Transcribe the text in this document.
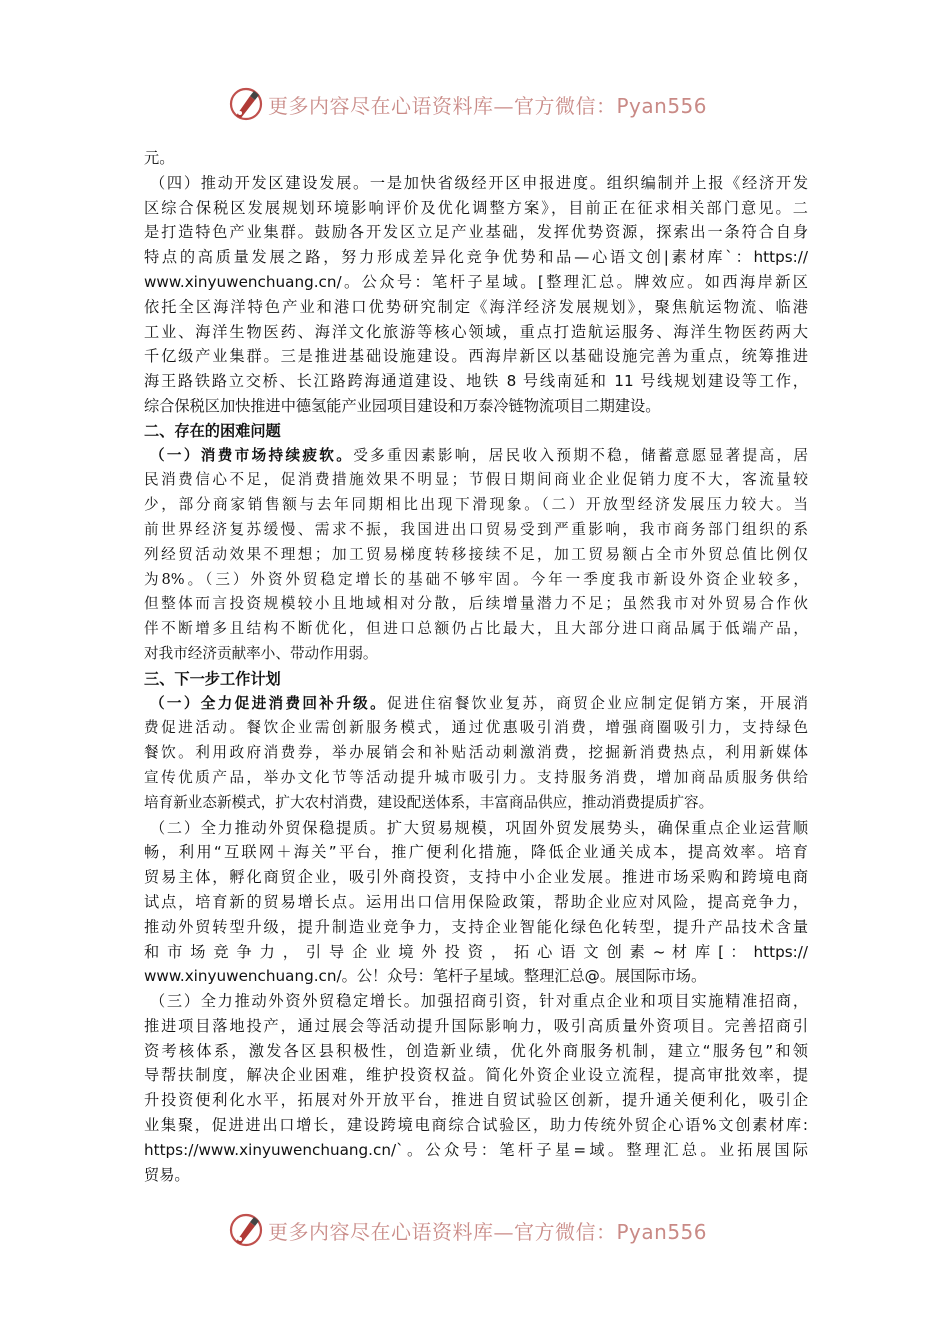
更多内容尽在心语资料库—官方微信：Pyan556
元。
（四）推动开发区建设发展。一是加快省级经开区申报进度。组织编制并上报《经济开发
区综合保税区发展规划环境影响评价及优化调整方案》，目前正在征求相关部门意见。二
是打造特色产业集群。鼓励各开发区立足产业基础，发挥优势资源，探索出一条符合自身
特点的高质量发展之路，努力形成差异化竞争优势和品—心语文创|素材库`：https://
www.xinyuwenchuang.cn/。公众号：笔杆子星域。[整理汇总。牌效应。如西海岸新区
依托全区海洋特色产业和港口优势研究制定《海洋经济发展规划》，聚焦航运物流、临港
工业、海洋生物医药、海洋文化旅游等核心领域，重点打造航运服务、海洋生物医药两大
千亿级产业集群。三是推进基础设施建设。西海岸新区以基础设施完善为重点，统筹推进
海王路铁路立交桥、长江路跨海通道建设、地铁 8 号线南延和 11 号线规划建设等工作，
综合保税区加快推进中德氢能产业园项目建设和万泰冷链物流项目二期建设。
二、存在的困难问题
（一）消费市场持续疲软。受多重因素影响，居民收入预期不稳，储蓄意愿显著提高，居
民消费信心不足，促消费措施效果不明显；节假日期间商业企业促销力度不大，客流量较
少，部分商家销售额与去年同期相比出现下滑现象。（二）开放型经济发展压力较大。当
前世界经济复苏缓慢、需求不振，我国进出口贸易受到严重影响，我市商务部门组织的系
列经贸活动效果不理想；加工贸易梯度转移接续不足，加工贸易额占全市外贸总值比例仅
为8%。（三）外资外贸稳定增长的基础不够牢固。今年一季度我市新设外资企业较多，
但整体而言投资规模较小且地域相对分散，后续增量潜力不足；虽然我市对外贸易合作伙
伴不断增多且结构不断优化，但进口总额仍占比最大，且大部分进口商品属于低端产品，
对我市经济贡献率小、带动作用弱。
三、下一步工作计划
（一）全力促进消费回补升级。促进住宿餐饮业复苏，商贸企业应制定促销方案，开展消
费促进活动。餐饮企业需创新服务模式，通过优惠吸引消费，增强商圈吸引力，支持绿色
餐饮。利用政府消费券，举办展销会和补贴活动刺激消费，挖掘新消费热点，利用新媒体
宣传优质产品，举办文化节等活动提升城市吸引力。支持服务消费，增加商品质服务供给
培育新业态新模式，扩大农村消费，建设配送体系，丰富商品供应，推动消费提质扩容。
（二）全力推动外贸保稳提质。扩大贸易规模，巩固外贸发展势头，确保重点企业运营顺
畅，利用“互联网＋海关”平台，推广便利化措施，降低企业通关成本，提高效率。培育
贸易主体，孵化商贸企业，吸引外商投资，支持中小企业发展。推进市场采购和跨境电商
试点，培育新的贸易增长点。运用出口信用保险政策，帮助企业应对风险，提高竞争力，
推动外贸转型升级，提升制造业竞争力，支持企业智能化绿色化转型，提升产品技术含量
和 市 场 竞 争 力 ， 引 导 企 业 境 外 投 资 ， 拓 心 语 文 创 素 ~ 材 库 [ ： https://
www.xinyuwenchuang.cn/。公！众号：笔杆子星域。整理汇总@。展国际市场。
（三）全力推动外资外贸稳定增长。加强招商引资，针对重点企业和项目实施精准招商，
推进项目落地投产，通过展会等活动提升国际影响力，吸引高质量外资项目。完善招商引
资考核体系，激发各区县积极性，创造新业绩，优化外商服务机制，建立“服务包”和领
导帮扶制度，解决企业困难，维护投资权益。简化外资企业设立流程，提高审批效率，提
升投资便利化水平，拓展对外开放平台，推进自贸试验区创新，提升通关便利化，吸引企
业集聚，促进进出口增长，建设跨境电商综合试验区，助力传统外贸企心语%文创素材库:
https://www.xinyuwenchuang.cn/`。公众号：笔杆子星=域。整理汇总。业拓展国际
贸易。
更多内容尽在心语资料库—官方微信：Pyan556
